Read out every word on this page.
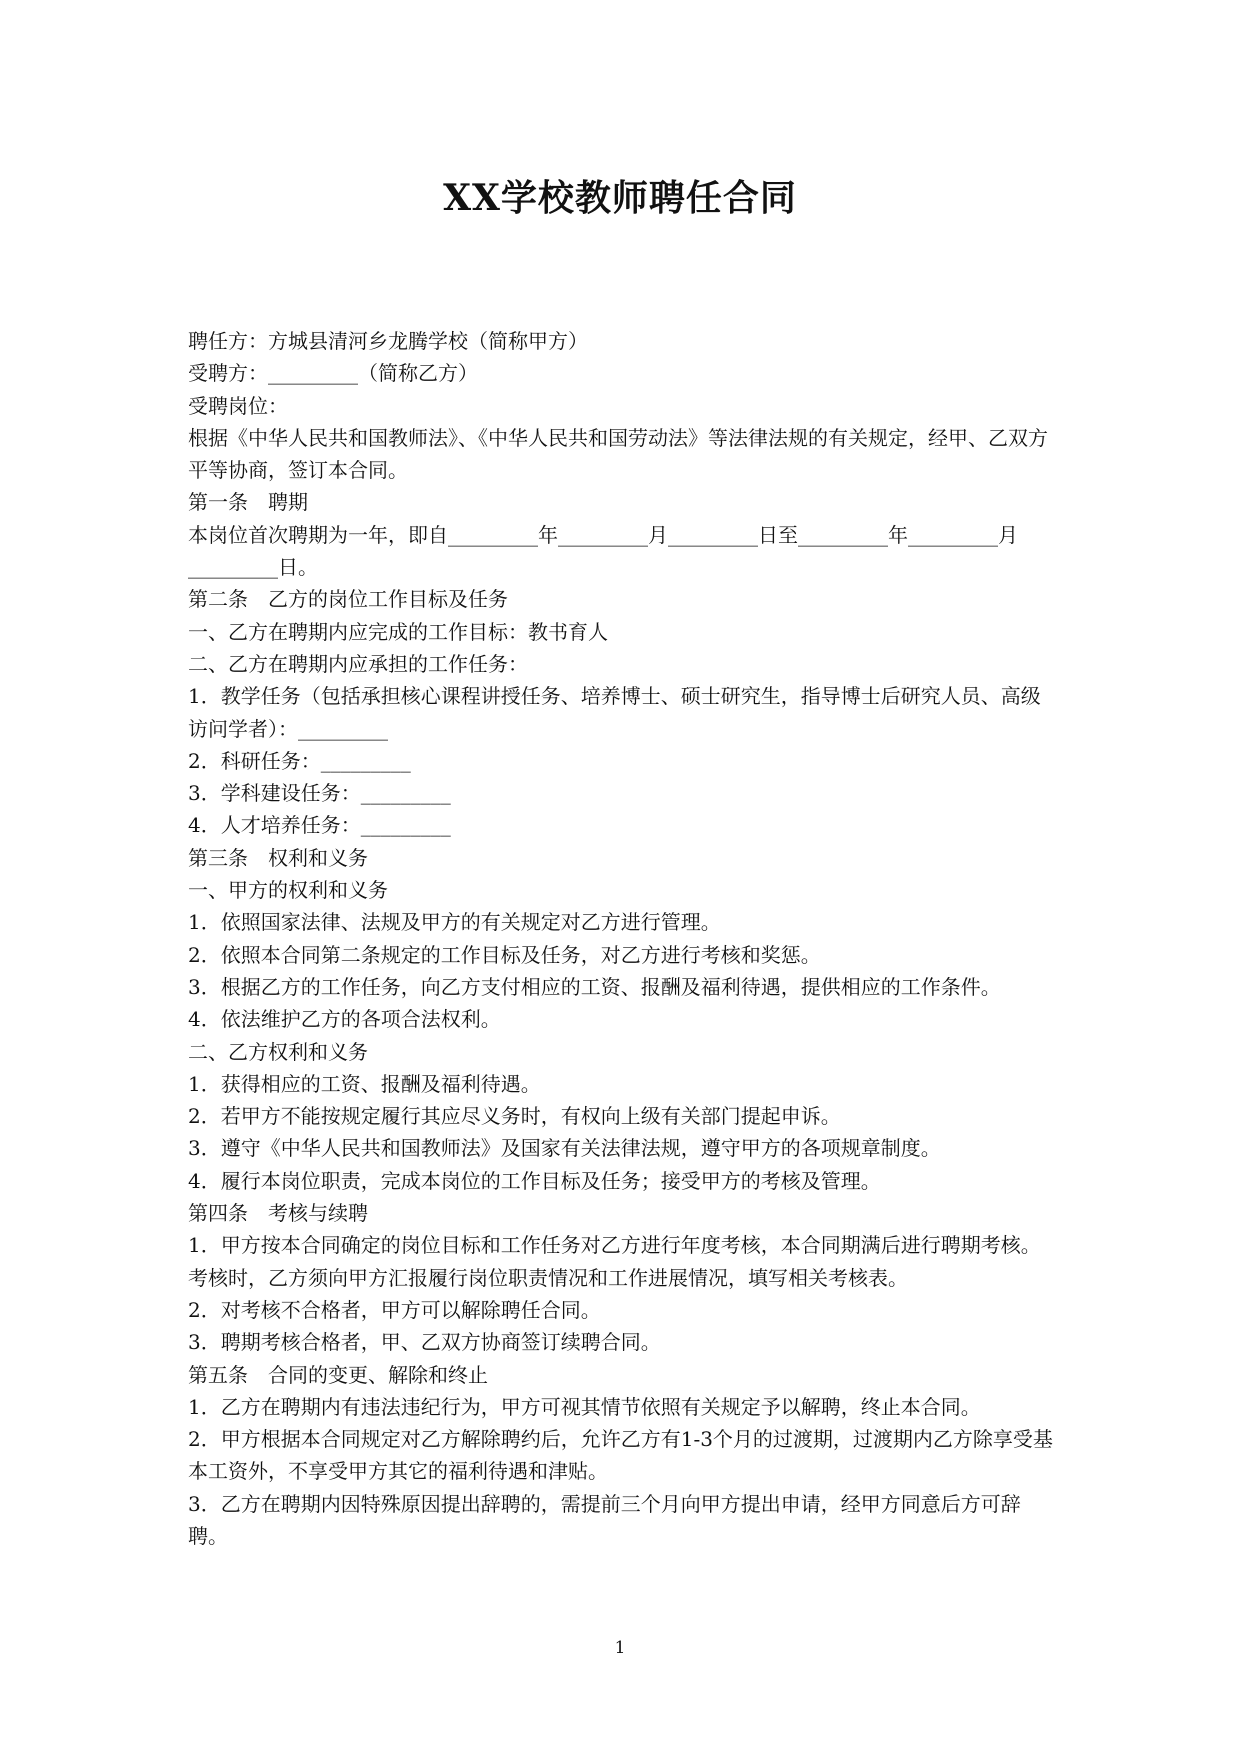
XX学校教师聘任合同

聘任方：方城县清河乡龙腾学校（简称甲方）

受聘方：_________（简称乙方）

受聘岗位：

根据《中华人民共和国教师法》、《中华人民共和国劳动法》等法律法规的有关规定，经甲、乙双方平等协商，签订本合同。

第一条　聘期

本岗位首次聘期为一年，即自_________年_________月_________日至_________年_________月_________日。

第二条　乙方的岗位工作目标及任务

一、乙方在聘期内应完成的工作目标：教书育人

二、乙方在聘期内应承担的工作任务：

1．教学任务（包括承担核心课程讲授任务、培养博士、硕士研究生，指导博士后研究人员、高级访问学者）：_________

2．科研任务：_________

3．学科建设任务：_________

4．人才培养任务：_________

第三条　权利和义务

一、甲方的权利和义务

1．依照国家法律、法规及甲方的有关规定对乙方进行管理。

2．依照本合同第二条规定的工作目标及任务，对乙方进行考核和奖惩。

3．根据乙方的工作任务，向乙方支付相应的工资、报酬及福利待遇，提供相应的工作条件。

4．依法维护乙方的各项合法权利。

二、乙方权利和义务

1．获得相应的工资、报酬及福利待遇。

2．若甲方不能按规定履行其应尽义务时，有权向上级有关部门提起申诉。

3．遵守《中华人民共和国教师法》及国家有关法律法规，遵守甲方的各项规章制度。

4．履行本岗位职责，完成本岗位的工作目标及任务；接受甲方的考核及管理。

第四条　考核与续聘

1．甲方按本合同确定的岗位目标和工作任务对乙方进行年度考核，本合同期满后进行聘期考核。考核时，乙方须向甲方汇报履行岗位职责情况和工作进展情况，填写相关考核表。

2．对考核不合格者，甲方可以解除聘任合同。

3．聘期考核合格者，甲、乙双方协商签订续聘合同。

第五条　合同的变更、解除和终止

1．乙方在聘期内有违法违纪行为，甲方可视其情节依照有关规定予以解聘，终止本合同。

2．甲方根据本合同规定对乙方解除聘约后，允许乙方有1-3个月的过渡期，过渡期内乙方除享受基本工资外，不享受甲方其它的福利待遇和津贴。

3．乙方在聘期内因特殊原因提出辞聘的，需提前三个月向甲方提出申请，经甲方同意后方可辞聘。

1
